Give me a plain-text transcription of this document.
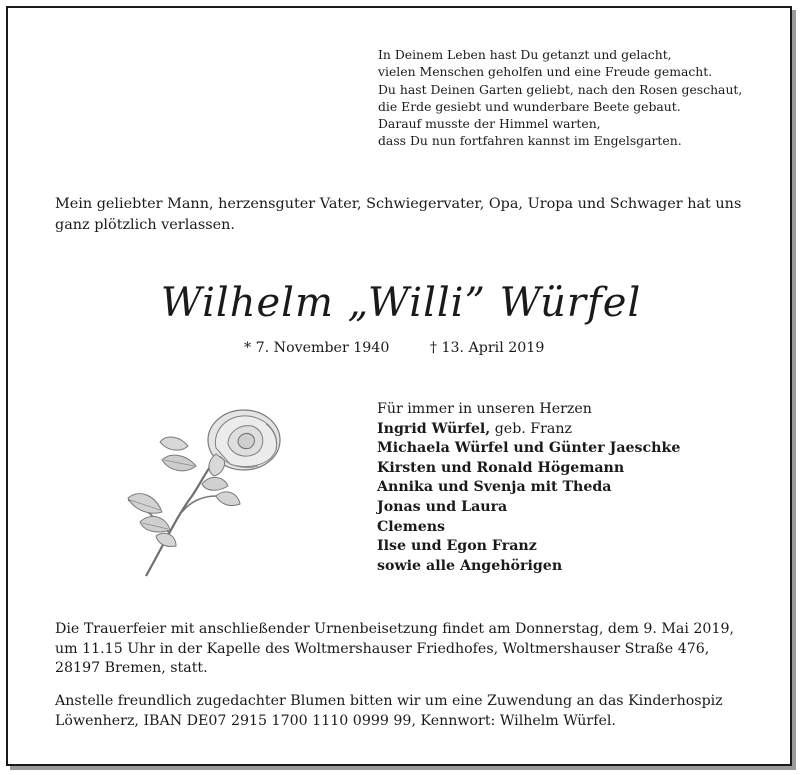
In Deinem Leben hast Du getanzt und gelacht,
vielen Menschen geholfen und eine Freude gemacht.
Du hast Deinen Garten geliebt, nach den Rosen geschaut,
die Erde gesiebt und wunderbare Beete gebaut.
Darauf musste der Himmel warten,
dass Du nun fortfahren kannst im Engelsgarten.
Mein geliebter Mann, herzensguter Vater, Schwiegervater, Opa, Uropa und Schwager hat uns
ganz plötzlich verlassen.
Wilhelm „Willi” Würfel
* 7. November 1940	† 13. April 2019
Für immer in unseren Herzen
Ingrid Würfel, geb. Franz
Michaela Würfel und Günter Jaeschke
Kirsten und Ronald Högemann
Annika und Svenja mit Theda
Jonas und Laura
Clemens
Ilse und Egon Franz
sowie alle Angehörigen
Die Trauerfeier mit anschließender Urnenbeisetzung findet am Donnerstag, dem 9. Mai 2019,
um 11.15 Uhr in der Kapelle des Woltmershauser Friedhofes, Woltmershauser Straße 476,
28197 Bremen, statt.
Anstelle freundlich zugedachter Blumen bitten wir um eine Zuwendung an das Kinderhospiz
Löwenherz, IBAN DE07 2915 1700 1110 0999 99, Kennwort: Wilhelm Würfel.
